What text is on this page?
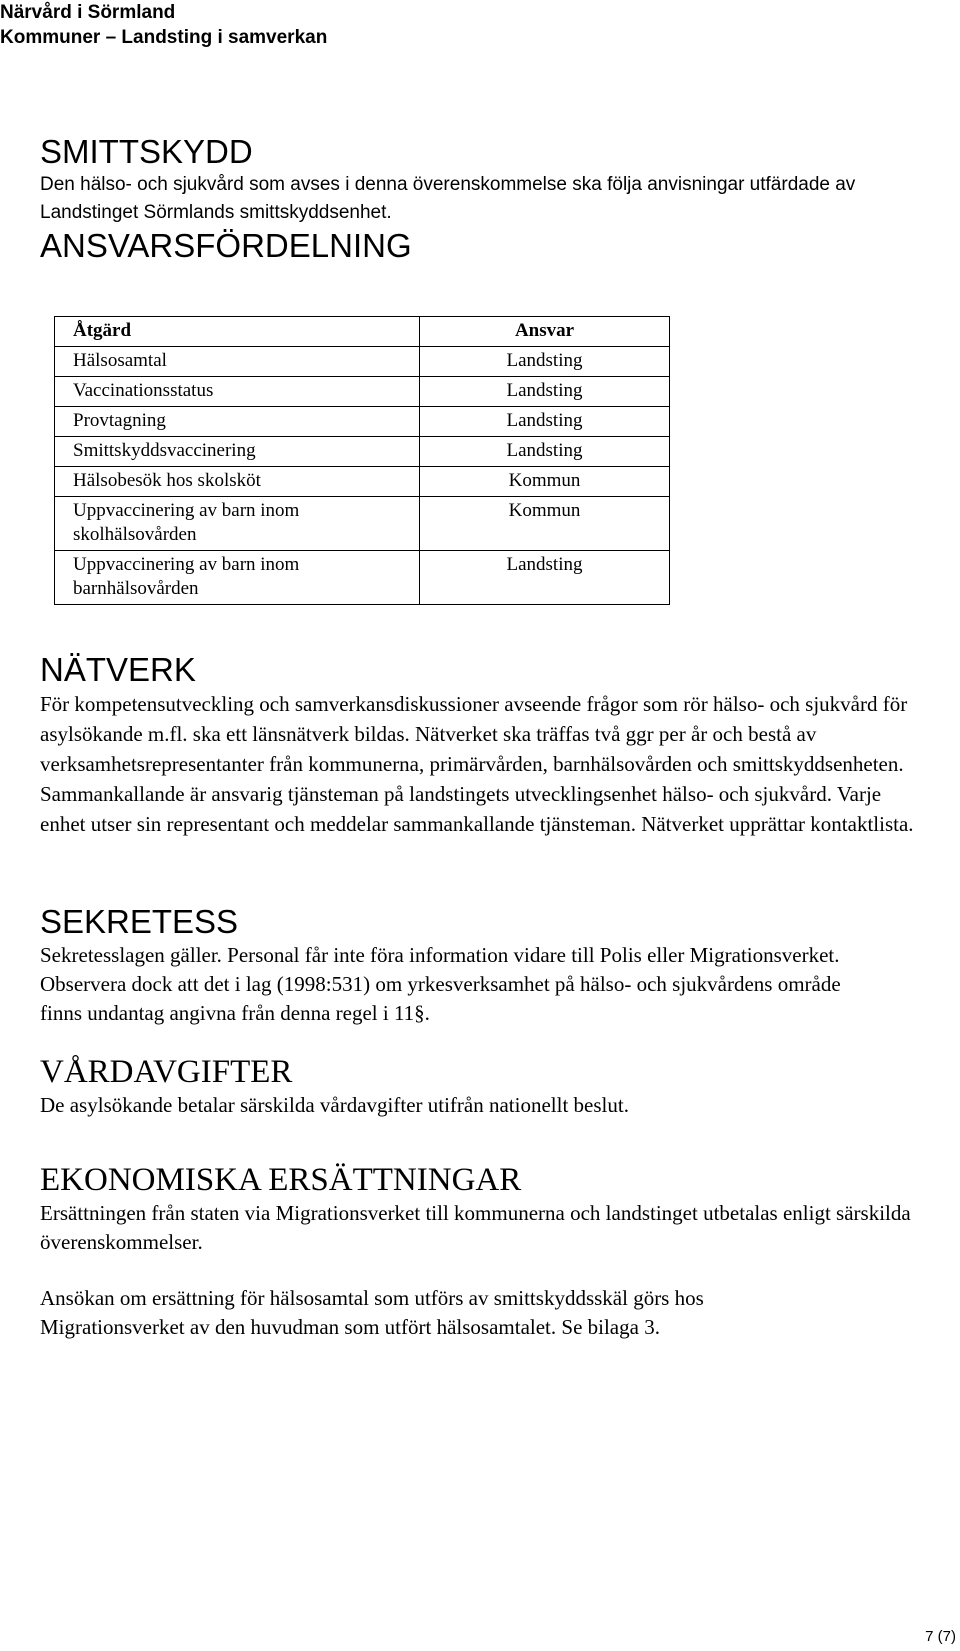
Närvård i Sörmland
Kommuner – Landsting i samverkan
SMITTSKYDD
Den hälso- och sjukvård som avses i denna överenskommelse ska följa anvisningar utfärdade av Landstinget Sörmlands smittskyddsenhet.
ANSVARSFÖRDELNING
Åtgärd	Ansvar
Hälsosamtal	Landsting
Vaccinationsstatus	Landsting
Provtagning	Landsting
Smittskyddsvaccinering	Landsting
Hälsobesök hos skolsköt	Kommun
Uppvaccinering av barn inom skolhälsovården	Kommun
Uppvaccinering av barn inom barnhälsovården	Landsting
NÄTVERK
För kompetensutveckling och samverkansdiskussioner avseende frågor som rör hälso- och sjukvård för asylsökande m.fl. ska ett länsnätverk bildas. Nätverket ska träffas två ggr per år och bestå av verksamhetsrepresentanter från kommunerna, primärvården, barnhälsovården och smittskyddsenheten. Sammankallande är ansvarig tjänsteman på landstingets utvecklingsenhet hälso- och sjukvård. Varje enhet utser sin representant och meddelar sammankallande tjänsteman. Nätverket upprättar kontaktlista.
SEKRETESS
Sekretesslagen gäller. Personal får inte föra information vidare till Polis eller Migrationsverket. Observera dock att det i lag (1998:531) om yrkesverksamhet på hälso- och sjukvårdens område finns undantag angivna från denna regel i 11§.
VÅRDAVGIFTER
De asylsökande betalar särskilda vårdavgifter utifrån nationellt beslut.
EKONOMISKA ERSÄTTNINGAR
Ersättningen från staten via Migrationsverket till kommunerna och landstinget utbetalas enligt särskilda överenskommelser.
Ansökan om ersättning för hälsosamtal som utförs av smittskyddsskäl görs hos Migrationsverket av den huvudman som utfört hälsosamtalet. Se bilaga 3.
7 (7)
